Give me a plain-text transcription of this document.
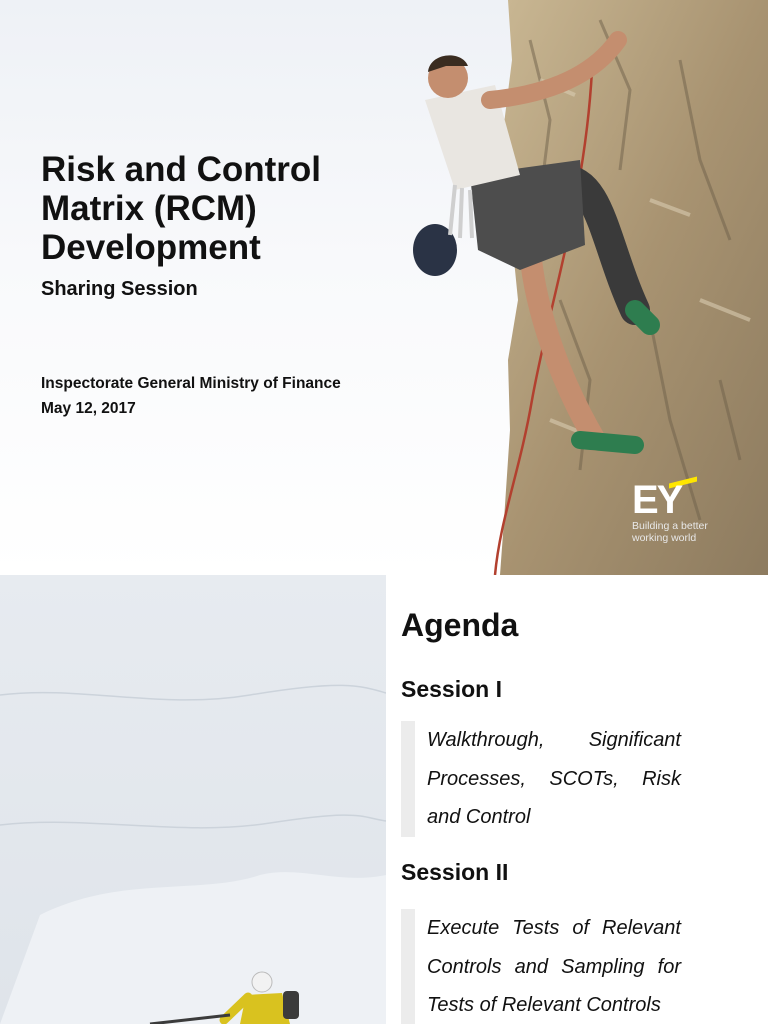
Risk and Control Matrix (RCM) Development
Sharing Session
Inspectorate General Ministry of Finance
May 12, 2017
EY
Building a better working world
Agenda
Session I
Walkthrough, Significant Processes, SCOTs, Risk and Control
Session II
Execute Tests of Relevant Controls and Sampling for Tests of Relevant Controls
